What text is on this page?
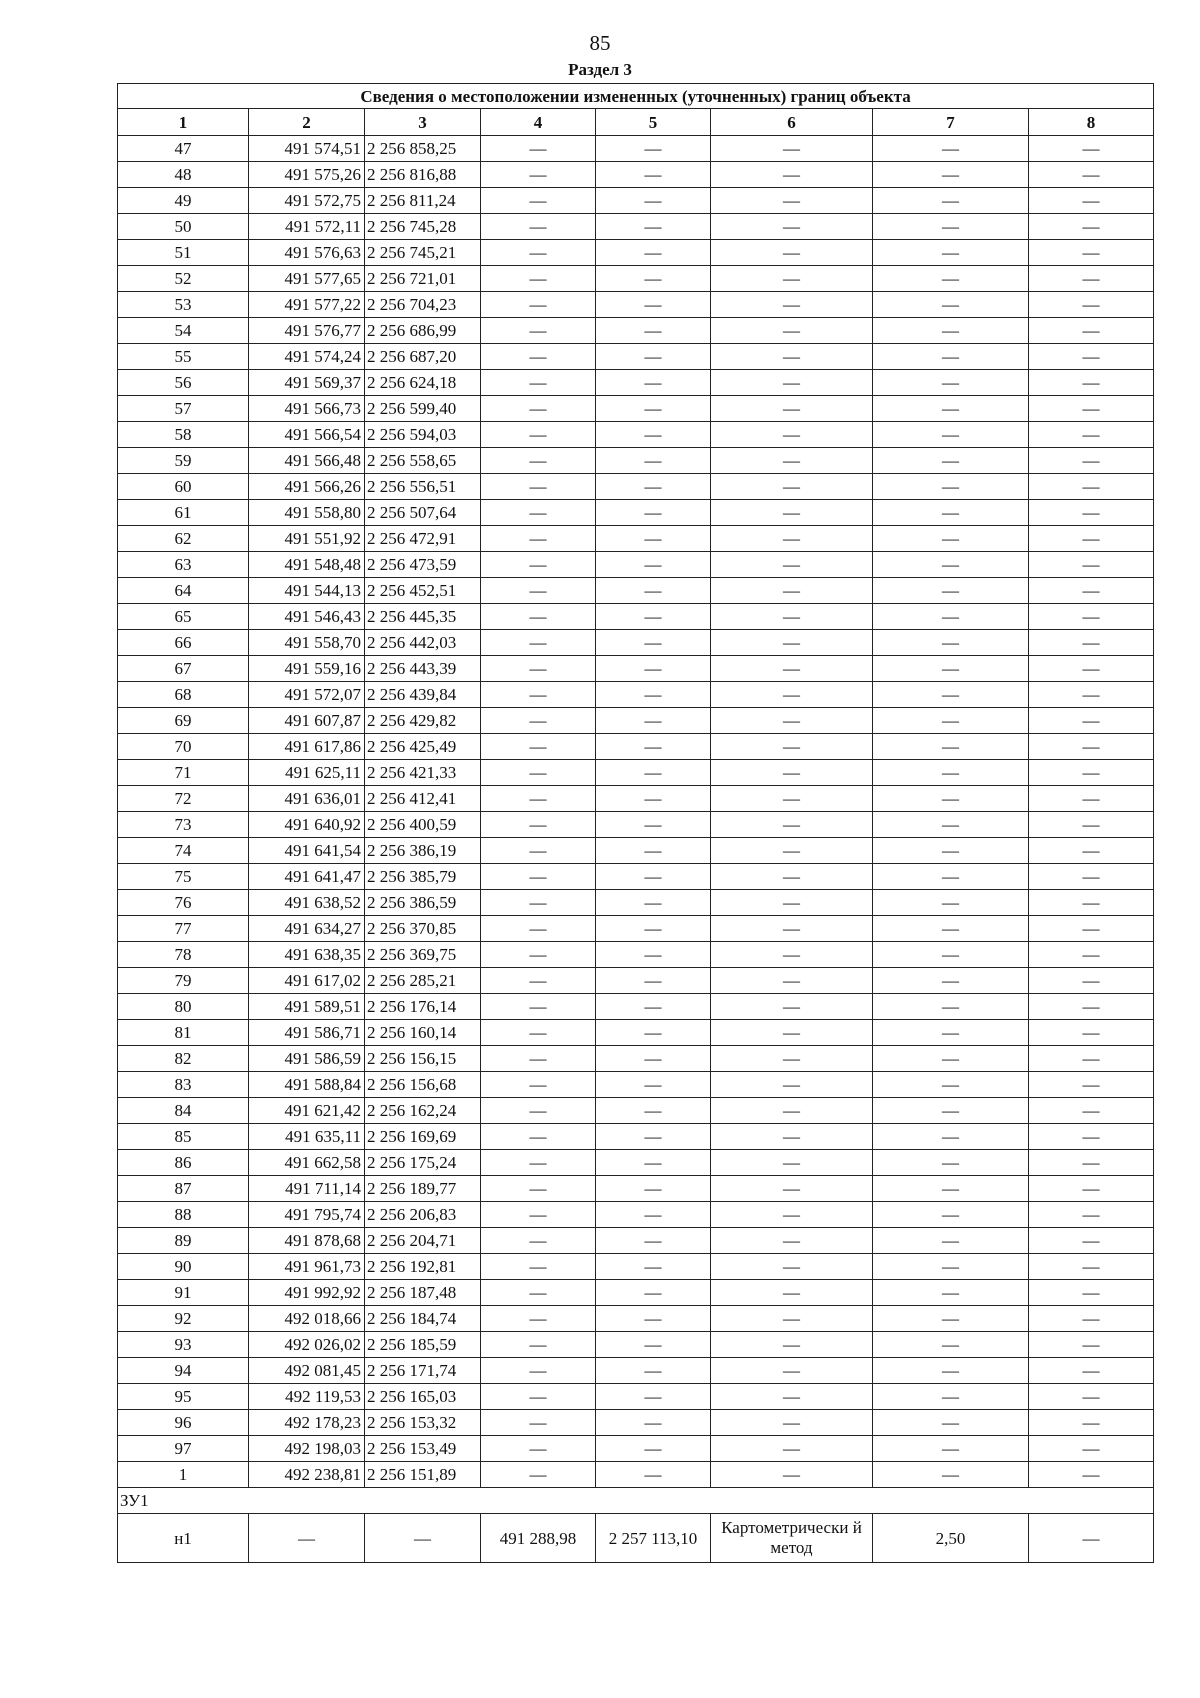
85
Раздел 3
Сведения о местоположении измененных (уточненных) границ объекта							
1	2	3	4	5	6	7	8
47	491 574,51	2 256 858,25	—	—	—	—	—
48	491 575,26	2 256 816,88	—	—	—	—	—
49	491 572,75	2 256 811,24	—	—	—	—	—
50	491 572,11	2 256 745,28	—	—	—	—	—
51	491 576,63	2 256 745,21	—	—	—	—	—
52	491 577,65	2 256 721,01	—	—	—	—	—
53	491 577,22	2 256 704,23	—	—	—	—	—
54	491 576,77	2 256 686,99	—	—	—	—	—
55	491 574,24	2 256 687,20	—	—	—	—	—
56	491 569,37	2 256 624,18	—	—	—	—	—
57	491 566,73	2 256 599,40	—	—	—	—	—
58	491 566,54	2 256 594,03	—	—	—	—	—
59	491 566,48	2 256 558,65	—	—	—	—	—
60	491 566,26	2 256 556,51	—	—	—	—	—
61	491 558,80	2 256 507,64	—	—	—	—	—
62	491 551,92	2 256 472,91	—	—	—	—	—
63	491 548,48	2 256 473,59	—	—	—	—	—
64	491 544,13	2 256 452,51	—	—	—	—	—
65	491 546,43	2 256 445,35	—	—	—	—	—
66	491 558,70	2 256 442,03	—	—	—	—	—
67	491 559,16	2 256 443,39	—	—	—	—	—
68	491 572,07	2 256 439,84	—	—	—	—	—
69	491 607,87	2 256 429,82	—	—	—	—	—
70	491 617,86	2 256 425,49	—	—	—	—	—
71	491 625,11	2 256 421,33	—	—	—	—	—
72	491 636,01	2 256 412,41	—	—	—	—	—
73	491 640,92	2 256 400,59	—	—	—	—	—
74	491 641,54	2 256 386,19	—	—	—	—	—
75	491 641,47	2 256 385,79	—	—	—	—	—
76	491 638,52	2 256 386,59	—	—	—	—	—
77	491 634,27	2 256 370,85	—	—	—	—	—
78	491 638,35	2 256 369,75	—	—	—	—	—
79	491 617,02	2 256 285,21	—	—	—	—	—
80	491 589,51	2 256 176,14	—	—	—	—	—
81	491 586,71	2 256 160,14	—	—	—	—	—
82	491 586,59	2 256 156,15	—	—	—	—	—
83	491 588,84	2 256 156,68	—	—	—	—	—
84	491 621,42	2 256 162,24	—	—	—	—	—
85	491 635,11	2 256 169,69	—	—	—	—	—
86	491 662,58	2 256 175,24	—	—	—	—	—
87	491 711,14	2 256 189,77	—	—	—	—	—
88	491 795,74	2 256 206,83	—	—	—	—	—
89	491 878,68	2 256 204,71	—	—	—	—	—
90	491 961,73	2 256 192,81	—	—	—	—	—
91	491 992,92	2 256 187,48	—	—	—	—	—
92	492 018,66	2 256 184,74	—	—	—	—	—
93	492 026,02	2 256 185,59	—	—	—	—	—
94	492 081,45	2 256 171,74	—	—	—	—	—
95	492 119,53	2 256 165,03	—	—	—	—	—
96	492 178,23	2 256 153,32	—	—	—	—	—
97	492 198,03	2 256 153,49	—	—	—	—	—
1	492 238,81	2 256 151,89	—	—	—	—	—
ЗУ1							
н1	—	—	491 288,98	2 257 113,10	Картометрически й метод	2,50	—
